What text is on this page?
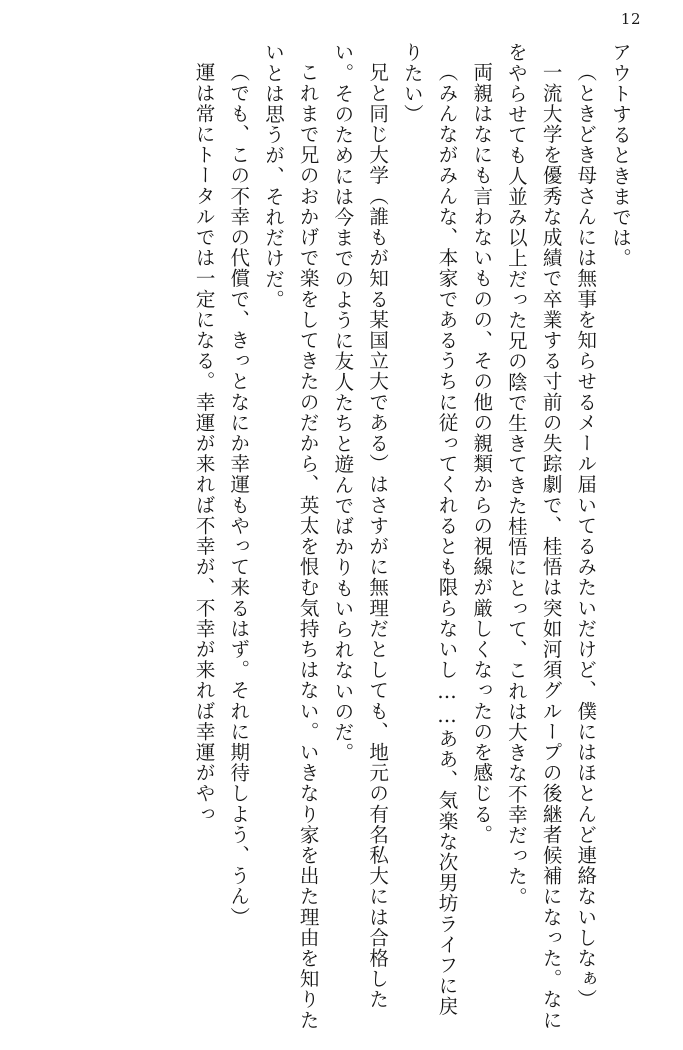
12
アウトするときまでは。
（ときどき母さんには無事を知らせるメール届いてるみたいだけど、僕にはほとんど連絡ないしなぁ）
一流大学を優秀な成績で卒業する寸前の失踪劇で、桂悟は突如河須グループの後継者候補になった。なにをやらせても人並み以上だった兄の陰で生きてきた桂悟にとって、これは大きな不幸だった。
両親はなにも言わないものの、その他の親類からの視線が厳しくなったのを感じる。
（みんながみんな、本家であるうちに従ってくれるとも限らないし……ああ、気楽な次男坊ライフに戻りたい）
兄と同じ大学（誰もが知る某国立大である）はさすがに無理だとしても、地元の有名私大には合格したい。そのためには今までのように友人たちと遊んでばかりもいられないのだ。
これまで兄のおかげで楽をしてきたのだから、英太を恨む気持ちはない。いきなり家を出た理由を知りたいとは思うが、それだけだ。
（でも、この不幸の代償で、きっとなにか幸運もやって来るはず。それに期待しよう、うん）
運は常にトータルでは一定になる。幸運が来れば不幸が、不幸が来れば幸運がやっ
